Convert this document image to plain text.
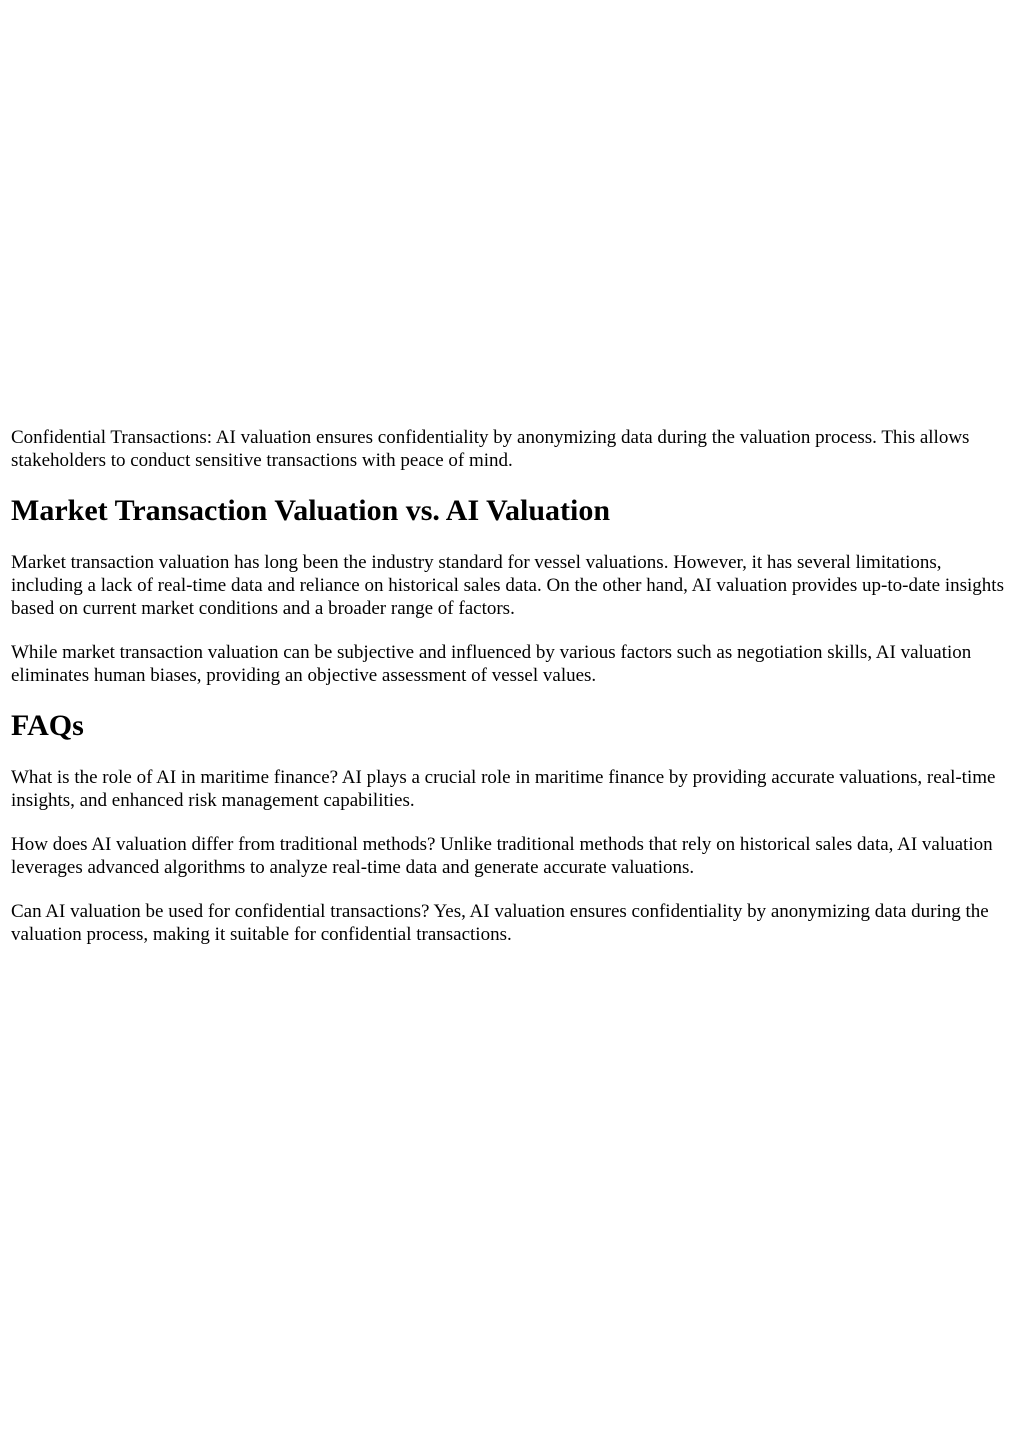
Confidential Transactions: AI valuation ensures confidentiality by anonymizing data during the valuation process. This allows stakeholders to conduct sensitive transactions with peace of mind.

Market Transaction Valuation vs. AI Valuation

Market transaction valuation has long been the industry standard for vessel valuations. However, it has several limitations, including a lack of real-time data and reliance on historical sales data. On the other hand, AI valuation provides up-to-date insights based on current market conditions and a broader range of factors.

While market transaction valuation can be subjective and influenced by various factors such as negotiation skills, AI valuation eliminates human biases, providing an objective assessment of vessel values.

FAQs

What is the role of AI in maritime finance? AI plays a crucial role in maritime finance by providing accurate valuations, real-time insights, and enhanced risk management capabilities.

How does AI valuation differ from traditional methods? Unlike traditional methods that rely on historical sales data, AI valuation leverages advanced algorithms to analyze real-time data and generate accurate valuations.

Can AI valuation be used for confidential transactions? Yes, AI valuation ensures confidentiality by anonymizing data during the valuation process, making it suitable for confidential transactions.
